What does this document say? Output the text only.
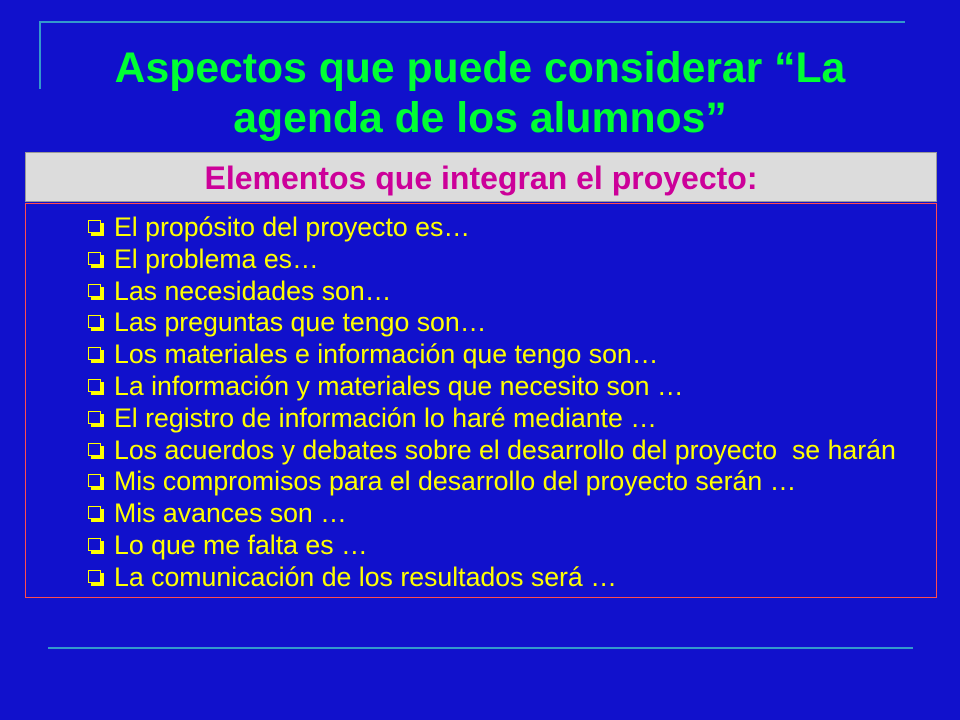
Aspectos que puede considerar “La
agenda de los alumnos”
Elementos que integran el proyecto:
El propósito del proyecto es…
El problema es…
Las necesidades son…
Las preguntas que tengo son…
Los materiales e información que tengo son…
La información y materiales que necesito son …
El registro de información lo haré mediante …
Los acuerdos y debates sobre el desarrollo del proyecto  se harán
Mis compromisos para el desarrollo del proyecto serán …
Mis avances son …
Lo que me falta es …
La comunicación de los resultados será …
